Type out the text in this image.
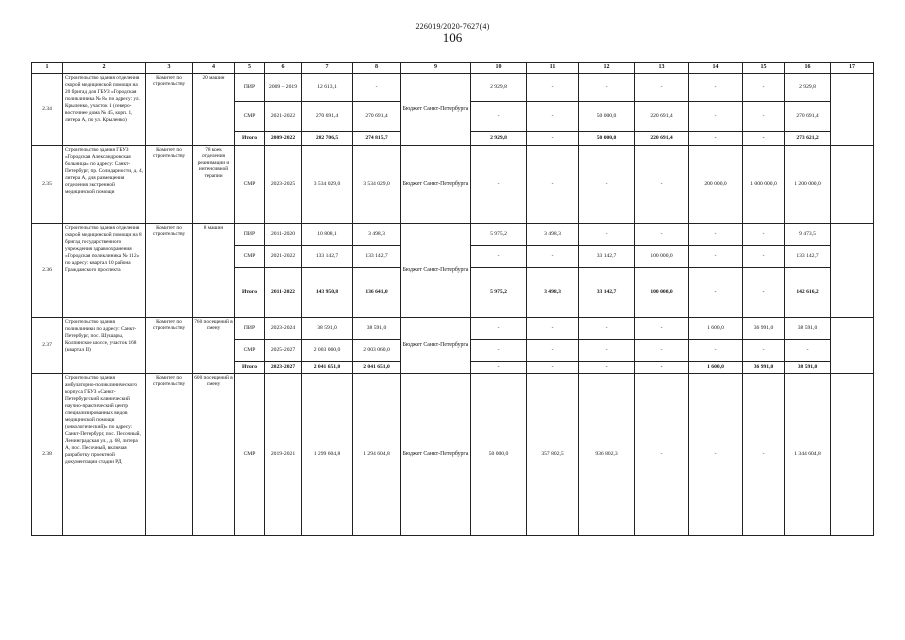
226019/2020-7627(4)
106
1	2	3	4	5	6	7	8	9	10	11	12	13	14	15	16	17
2.34	Строительство здания отделения скорой медицинской помощи на 20 бригад для ГБУЗ «Городская поликлиника № 8» по адресу: ул. Крыленко, участок 1 (северо-восточнее дома № 45, корп. 1, литера А, по ул. Крыленко)	Комитет по строительству	20 машин	ПИР	2009 – 2019	12 613,1	-	Бюджет Санкт-Петербурга	2 929,8	-	-	-	-	-	2 929,8	
				СМР	2021-2022	270 691,4	270 691,4		-	-	50 000,0	220 691,4	-	-	270 691,4	
				Итого	2009-2022	282 706,5	274 815,7		2 929,8	-	50 000,0	220 691,4	-	-	273 621,2	
2.35	Строительство здания ГБУЗ «Городская Александровская больница» по адресу: Санкт-Петербург, пр. Солидарности, д. 4, литера А, для размещения отделения экстренной медицинской помощи	Комитет по строительству	78 коек отделения реанимации и интенсивной терапии	СМР	2023-2025	3 534 029,0	3 534 029,0	Бюджет Санкт-Петербурга	-	-	-	-	200 000,0	1 000 000,0	1 200 000,0	
2.36	Строительство здания отделения скорой медицинской помощи на 8 бригад государственного учреждения здравоохранения «Городская поликлиника № 112» по адресу: квартал 10 района Гражданского проспекта	Комитет по строительству	8 машин	ПИР	2011-2020	10 808,1	3 498,3	Бюджет Санкт-Петербурга	5 975,2	3 498,3	-	-	-	-	9 473,5	
				СМР	2021-2022	133 142,7	133 142,7		-	-	33 142,7	100 000,0	-	-	133 142,7	
				Итого	2011-2022	143 950,8	136 641,0		5 975,2	3 498,3	33 142,7	100 000,0	-	-	142 616,2	
2.37	Строительство здания поликлиники по адресу: Санкт-Петербург, пос. Шушары, Колпинское шоссе, участок 168 (квартал II)	Комитет по строительству	760 посещений в смену	ПИР	2023-2024	38 591,0	38 591,0	Бюджет Санкт-Петербурга	-	-	-	-	1 600,0	36 991,0	38 591,0	
				СМР	2025-2027	2 003 060,0	2 003 060,0		-	-	-	-	-	-	-	
				Итого	2023-2027	2 041 651,0	2 041 651,0		-	-	-	-	1 600,0	36 991,0	38 591,0	
2.38	Строительство здания амбулаторно-поликлинического корпуса ГБУЗ «Санкт-Петербургский клинический научно-практический центр специализированных видов медицинской помощи (онкологический)» по адресу: Санкт-Петербург, пос. Песочный, Ленинградская ул., д. 68, литера А, пос. Песочный, включая разработку проектной документации стадии РД	Комитет по строительству	600 посещений в смену	СМР	2019-2021	1 299 604,8	1 294 604,8	Бюджет Санкт-Петербурга	50 000,0	357 802,5	936 802,3	-	-	-	1 344 604,8	
